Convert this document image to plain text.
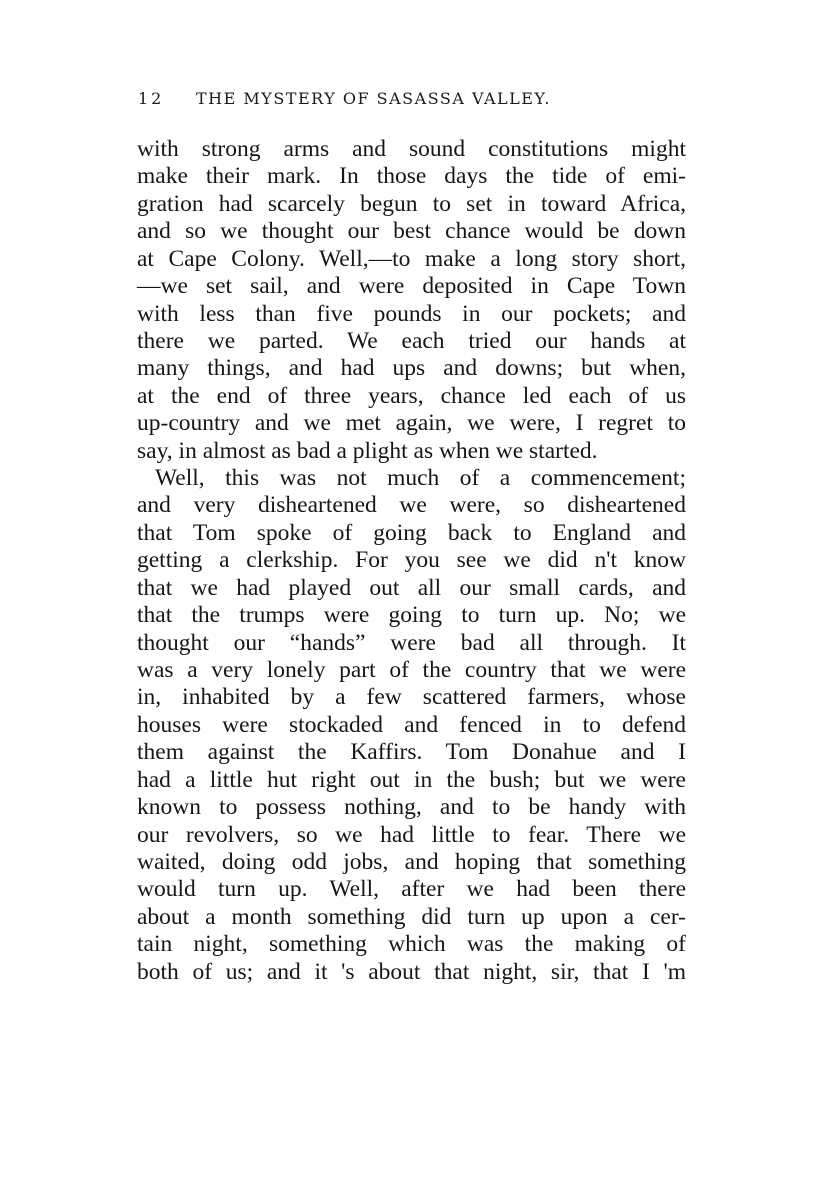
12 THE MYSTERY OF SASASSA VALLEY.
with strong arms and sound constitutions might
make their mark. In those days the tide of emi-
gration had scarcely begun to set in toward Africa,
and so we thought our best chance would be down
at Cape Colony. Well,—to make a long story short,
—we set sail, and were deposited in Cape Town
with less than five pounds in our pockets; and
there we parted. We each tried our hands at
many things, and had ups and downs; but when,
at the end of three years, chance led each of us
up-country and we met again, we were, I regret to
say, in almost as bad a plight as when we started.
Well, this was not much of a commencement;
and very disheartened we were, so disheartened
that Tom spoke of going back to England and
getting a clerkship. For you see we did n't know
that we had played out all our small cards, and
that the trumps were going to turn up. No; we
thought our “hands” were bad all through. It
was a very lonely part of the country that we were
in, inhabited by a few scattered farmers, whose
houses were stockaded and fenced in to defend
them against the Kaffirs. Tom Donahue and I
had a little hut right out in the bush; but we were
known to possess nothing, and to be handy with
our revolvers, so we had little to fear. There we
waited, doing odd jobs, and hoping that something
would turn up. Well, after we had been there
about a month something did turn up upon a cer-
tain night, something which was the making of
both of us; and it 's about that night, sir, that I 'm
